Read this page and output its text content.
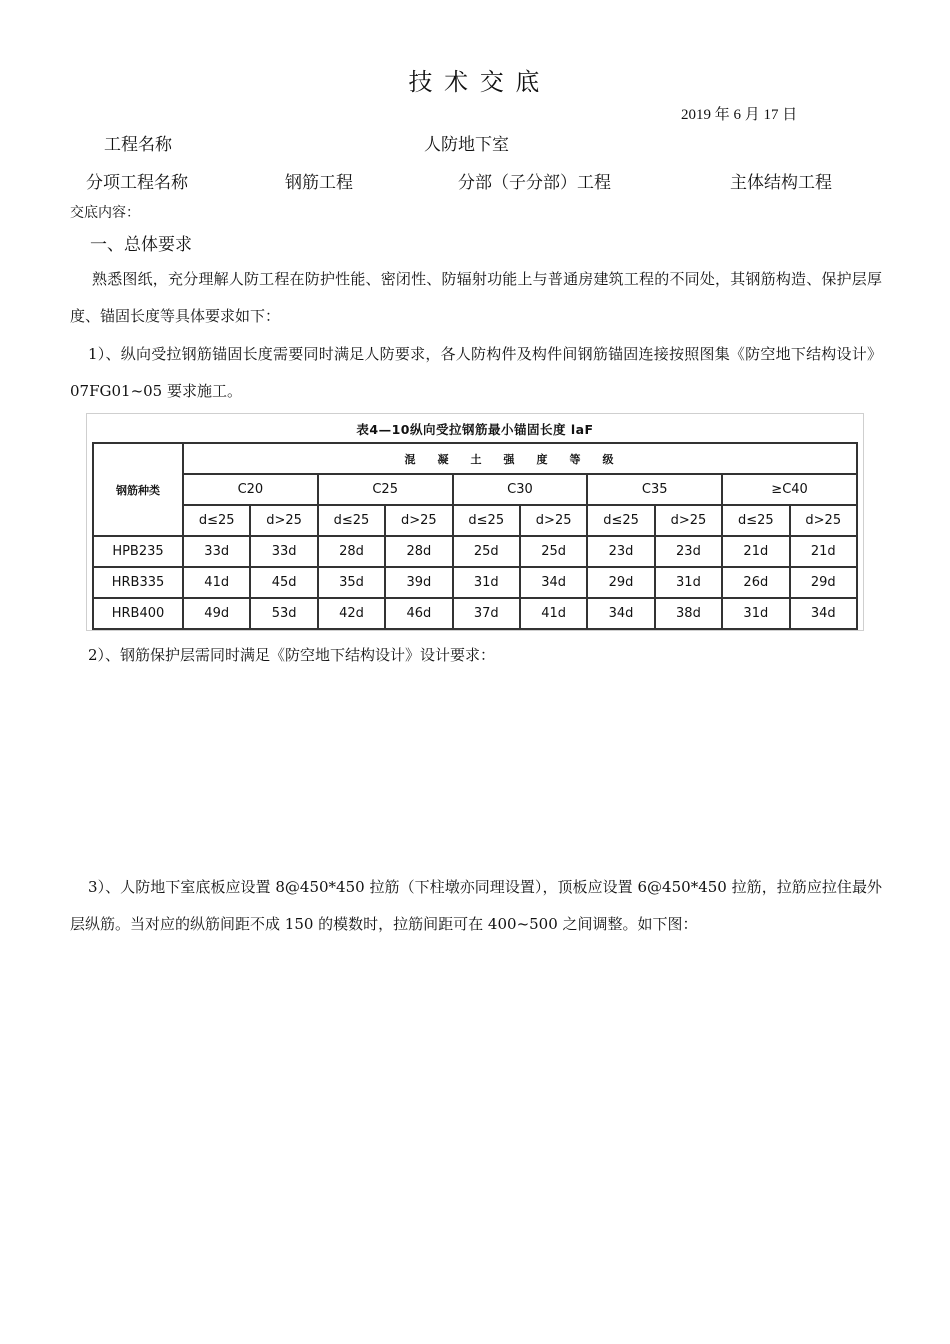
技 术 交 底
2019 年 6 月 17 日
工程名称	人防地下室
分项工程名称	钢筋工程	分部（子分部）工程	主体结构工程
交底内容：
一、总体要求
熟悉图纸，充分理解人防工程在防护性能、密闭性、防辐射功能上与普通房建筑工程的不同处，其钢筋构造、保护层厚度、锚固长度等具体要求如下：
1）、纵向受拉钢筋锚固长度需要同时满足人防要求，各人防构件及构件间钢筋锚固连接按照图集《防空地下结构设计》07FG01~05 要求施工。
表4—10纵向受拉钢筋最小锚固长度 laF
钢筋种类	混凝土强度等级									
	C20		C25		C30		C35		≥C40	
	d≤25	d>25	d≤25	d>25	d≤25	d>25	d≤25	d>25	d≤25	d>25
HPB235	33d	33d	28d	28d	25d	25d	23d	23d	21d	21d
HRB335	41d	45d	35d	39d	31d	34d	29d	31d	26d	29d
HRB400	49d	53d	42d	46d	37d	41d	34d	38d	31d	34d
2）、钢筋保护层需同时满足《防空地下结构设计》设计要求：
3）、人防地下室底板应设置 8@450*450 拉筋（下柱墩亦同理设置），顶板应设置 6@450*450 拉筋，拉筋应拉住最外层纵筋。当对应的纵筋间距不成 150 的模数时，拉筋间距可在 400~500 之间调整。如下图：
